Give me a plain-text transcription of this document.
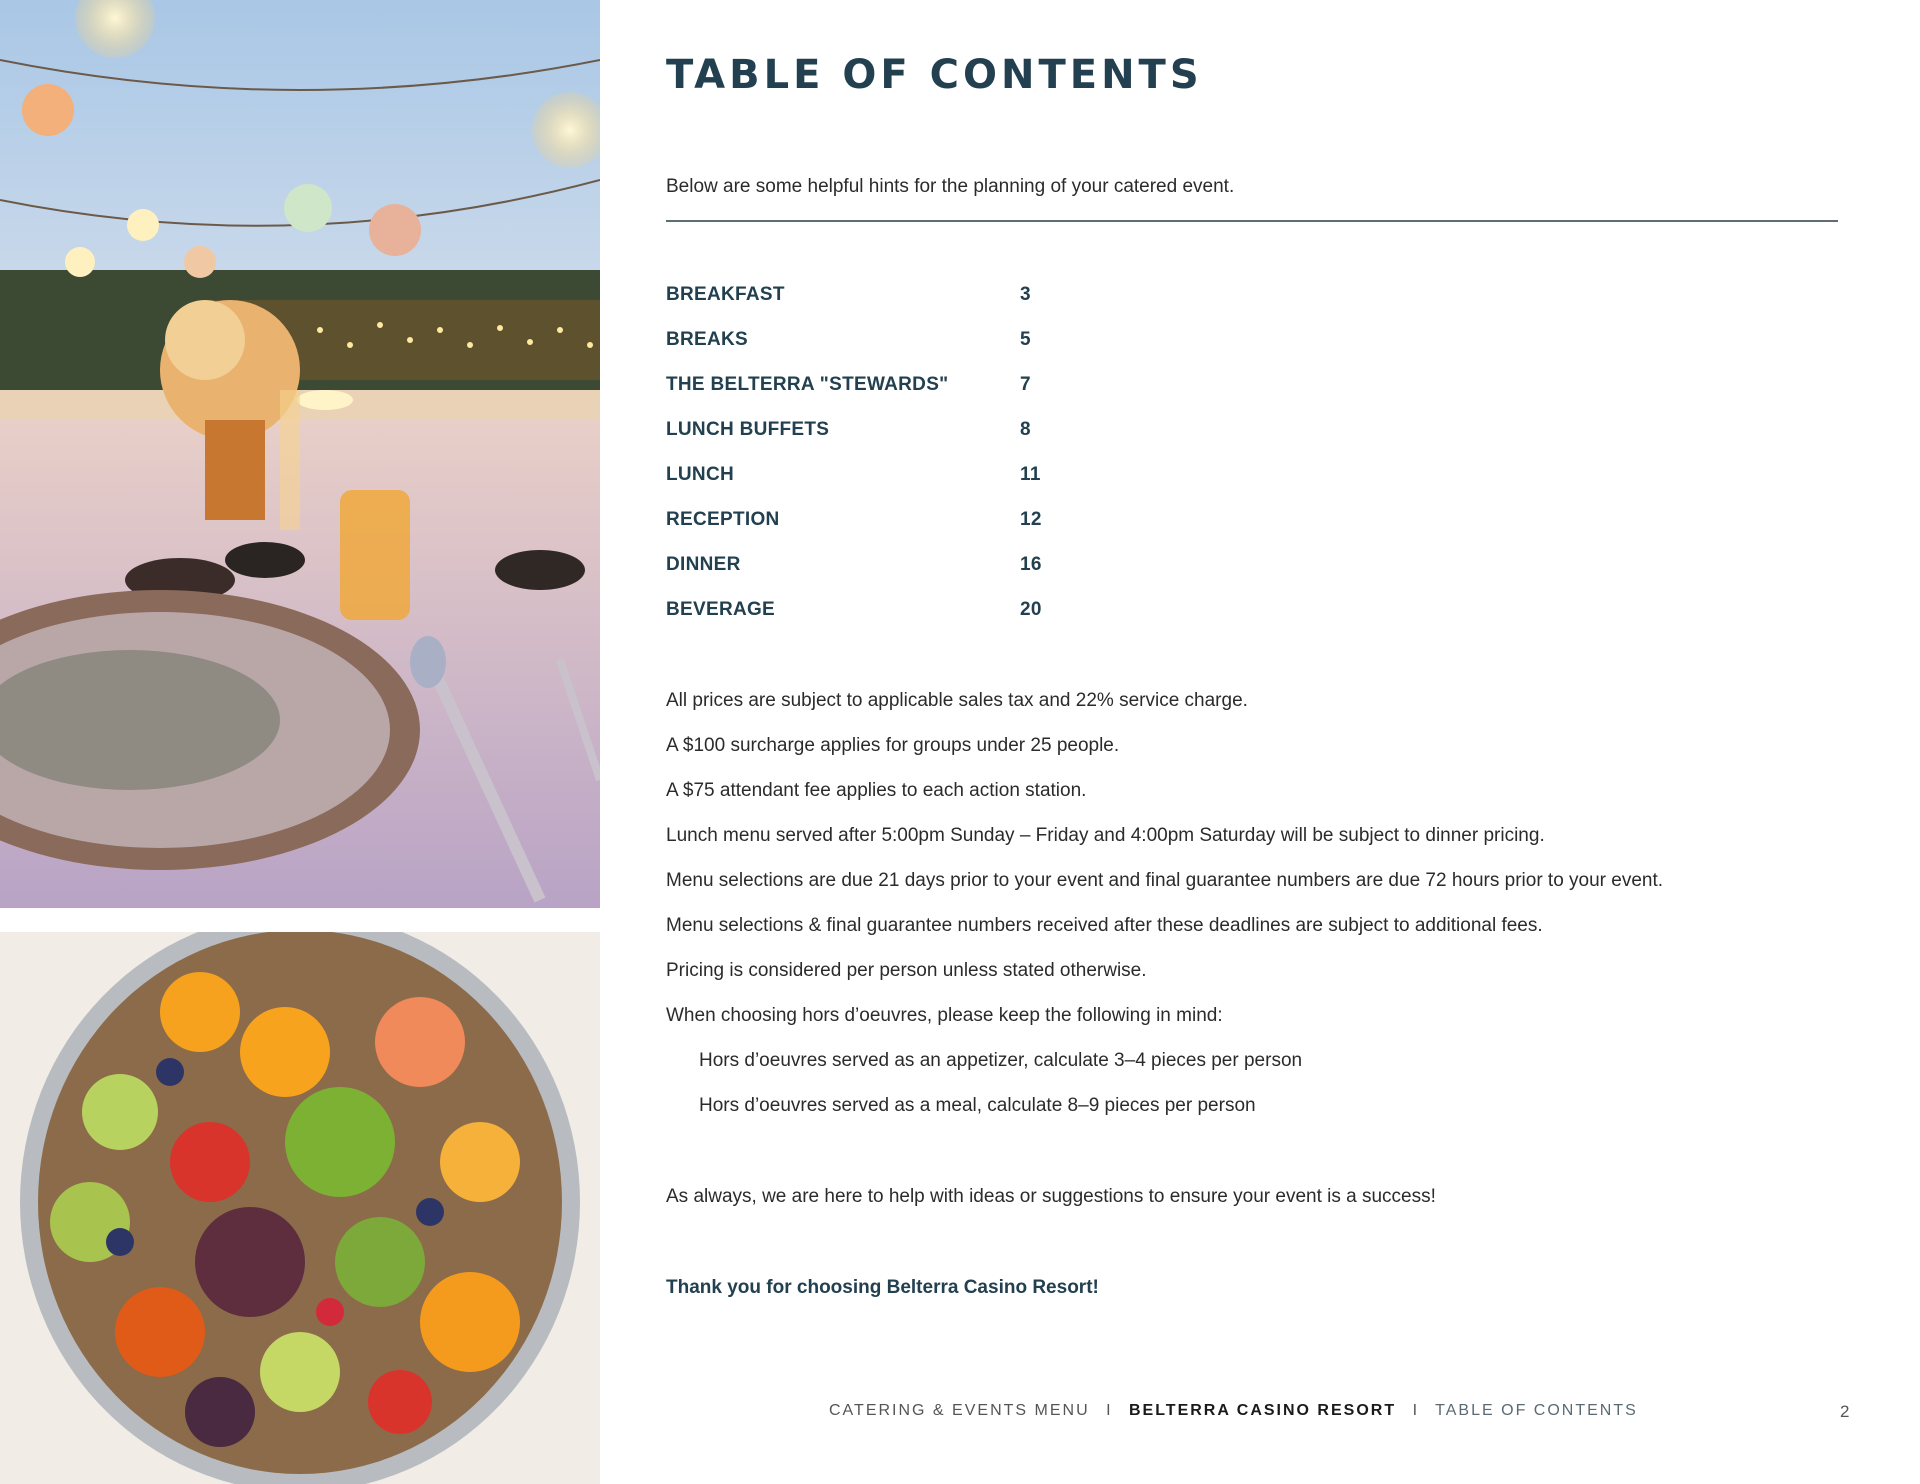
TABLE OF CONTENTS
Below are some helpful hints for the planning of your catered event.
BREAKFAST	3
BREAKS	5
THE BELTERRA "STEWARDS"	7
LUNCH BUFFETS	8
LUNCH	11
RECEPTION	12
DINNER	16
BEVERAGE	20
All prices are subject to applicable sales tax and 22% service charge.
A $100 surcharge applies for groups under 25 people.
A $75 attendant fee applies to each action station.
Lunch menu served after 5:00pm Sunday – Friday and 4:00pm Saturday will be subject to dinner pricing.
Menu selections are due 21 days prior to your event and final guarantee numbers are due 72 hours prior to your event.
Menu selections & final guarantee numbers received after these deadlines are subject to additional fees.
Pricing is considered per person unless stated otherwise.
When choosing hors d’oeuvres, please keep the following in mind:
Hors d’oeuvres served as an appetizer, calculate 3–4 pieces per person
Hors d’oeuvres served as a meal, calculate 8–9 pieces per person
As always, we are here to help with ideas or suggestions to ensure your event is a success!
Thank you for choosing Belterra Casino Resort!
CATERING & EVENTS MENU I BELTERRA CASINO RESORT I TABLE OF CONTENTS	2
